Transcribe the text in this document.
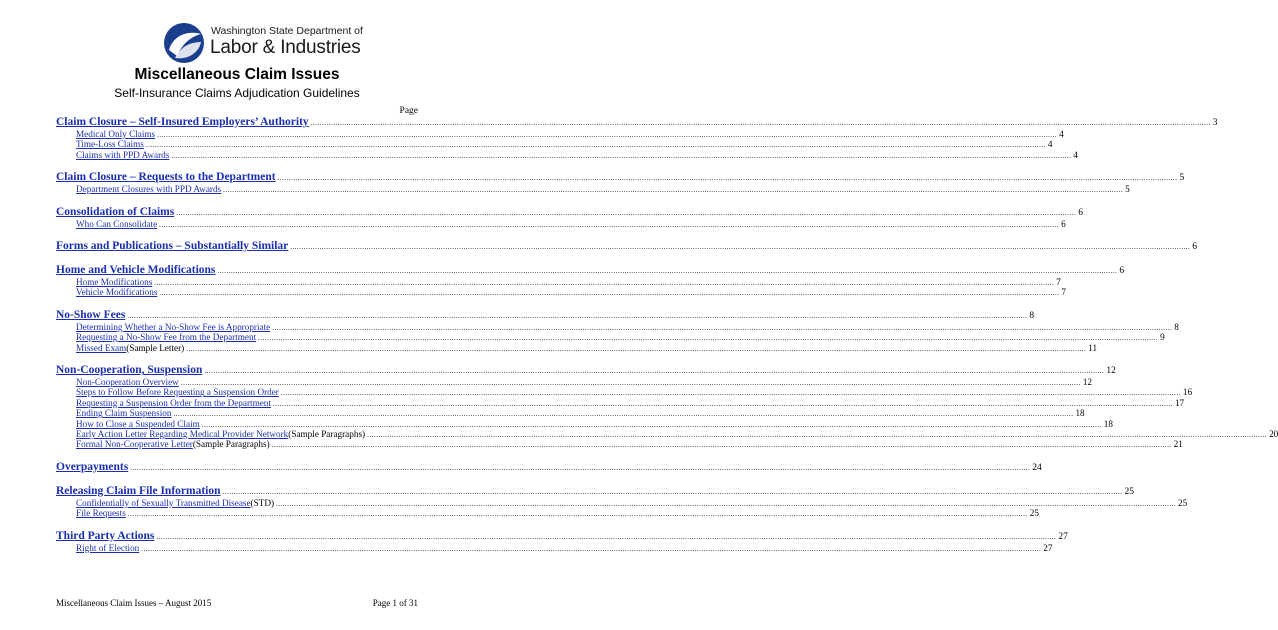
Washington State Department of
Labor & Industries
Miscellaneous Claim Issues
Self-Insurance Claims Adjudication Guidelines
Page
Claim Closure – Self-Insured Employers’ Authority ................................................................................................................................................................................................................................................................................................................................................................................................................ 3
Medical Only Claims ................................................................................................................................................................................................................................................................................................................................................................................................................ 4
Time-Loss Claims ................................................................................................................................................................................................................................................................................................................................................................................................................ 4
Claims with PPD Awards ................................................................................................................................................................................................................................................................................................................................................................................................................ 4
Claim Closure – Requests to the Department ................................................................................................................................................................................................................................................................................................................................................................................................................ 5
Department Closures with PPD Awards ................................................................................................................................................................................................................................................................................................................................................................................................................ 5
Consolidation of Claims ................................................................................................................................................................................................................................................................................................................................................................................................................ 6
Who Can Consolidate ................................................................................................................................................................................................................................................................................................................................................................................................................ 6
Forms and Publications – Substantially Similar ................................................................................................................................................................................................................................................................................................................................................................................................................ 6
Home and Vehicle Modifications ................................................................................................................................................................................................................................................................................................................................................................................................................ 6
Home Modifications ................................................................................................................................................................................................................................................................................................................................................................................................................ 7
Vehicle Modifications ................................................................................................................................................................................................................................................................................................................................................................................................................ 7
No-Show Fees ................................................................................................................................................................................................................................................................................................................................................................................................................ 8
Determining Whether a No-Show Fee is Appropriate ................................................................................................................................................................................................................................................................................................................................................................................................................ 8
Requesting a No-Show Fee from the Department ................................................................................................................................................................................................................................................................................................................................................................................................................ 9
Missed Exam (Sample Letter) ................................................................................................................................................................................................................................................................................................................................................................................................................ 11
Non-Cooperation, Suspension ................................................................................................................................................................................................................................................................................................................................................................................................................ 12
Non-Cooperation Overview ................................................................................................................................................................................................................................................................................................................................................................................................................ 12
Steps to Follow Before Requesting a Suspension Order ................................................................................................................................................................................................................................................................................................................................................................................................................ 16
Requesting a Suspension Order from the Department ................................................................................................................................................................................................................................................................................................................................................................................................................ 17
Ending Claim Suspension ................................................................................................................................................................................................................................................................................................................................................................................................................ 18
How to Close a Suspended Claim ................................................................................................................................................................................................................................................................................................................................................................................................................ 18
Early Action Letter Regarding Medical Provider Network (Sample Paragraphs) ................................................................................................................................................................................................................................................................................................................................................................................................................ 20
Formal Non-Cooperative Letter (Sample Paragraphs) ................................................................................................................................................................................................................................................................................................................................................................................................................ 21
Overpayments ................................................................................................................................................................................................................................................................................................................................................................................................................ 24
Releasing Claim File Information ................................................................................................................................................................................................................................................................................................................................................................................................................ 25
Confidentially of Sexually Transmitted Disease (STD) ................................................................................................................................................................................................................................................................................................................................................................................................................ 25
File Requests ................................................................................................................................................................................................................................................................................................................................................................................................................ 25
Third Party Actions ................................................................................................................................................................................................................................................................................................................................................................................................................ 27
Right of Election ................................................................................................................................................................................................................................................................................................................................................................................................................ 27
Miscellaneous Claim Issues – August 2015	Page 1 of 31
